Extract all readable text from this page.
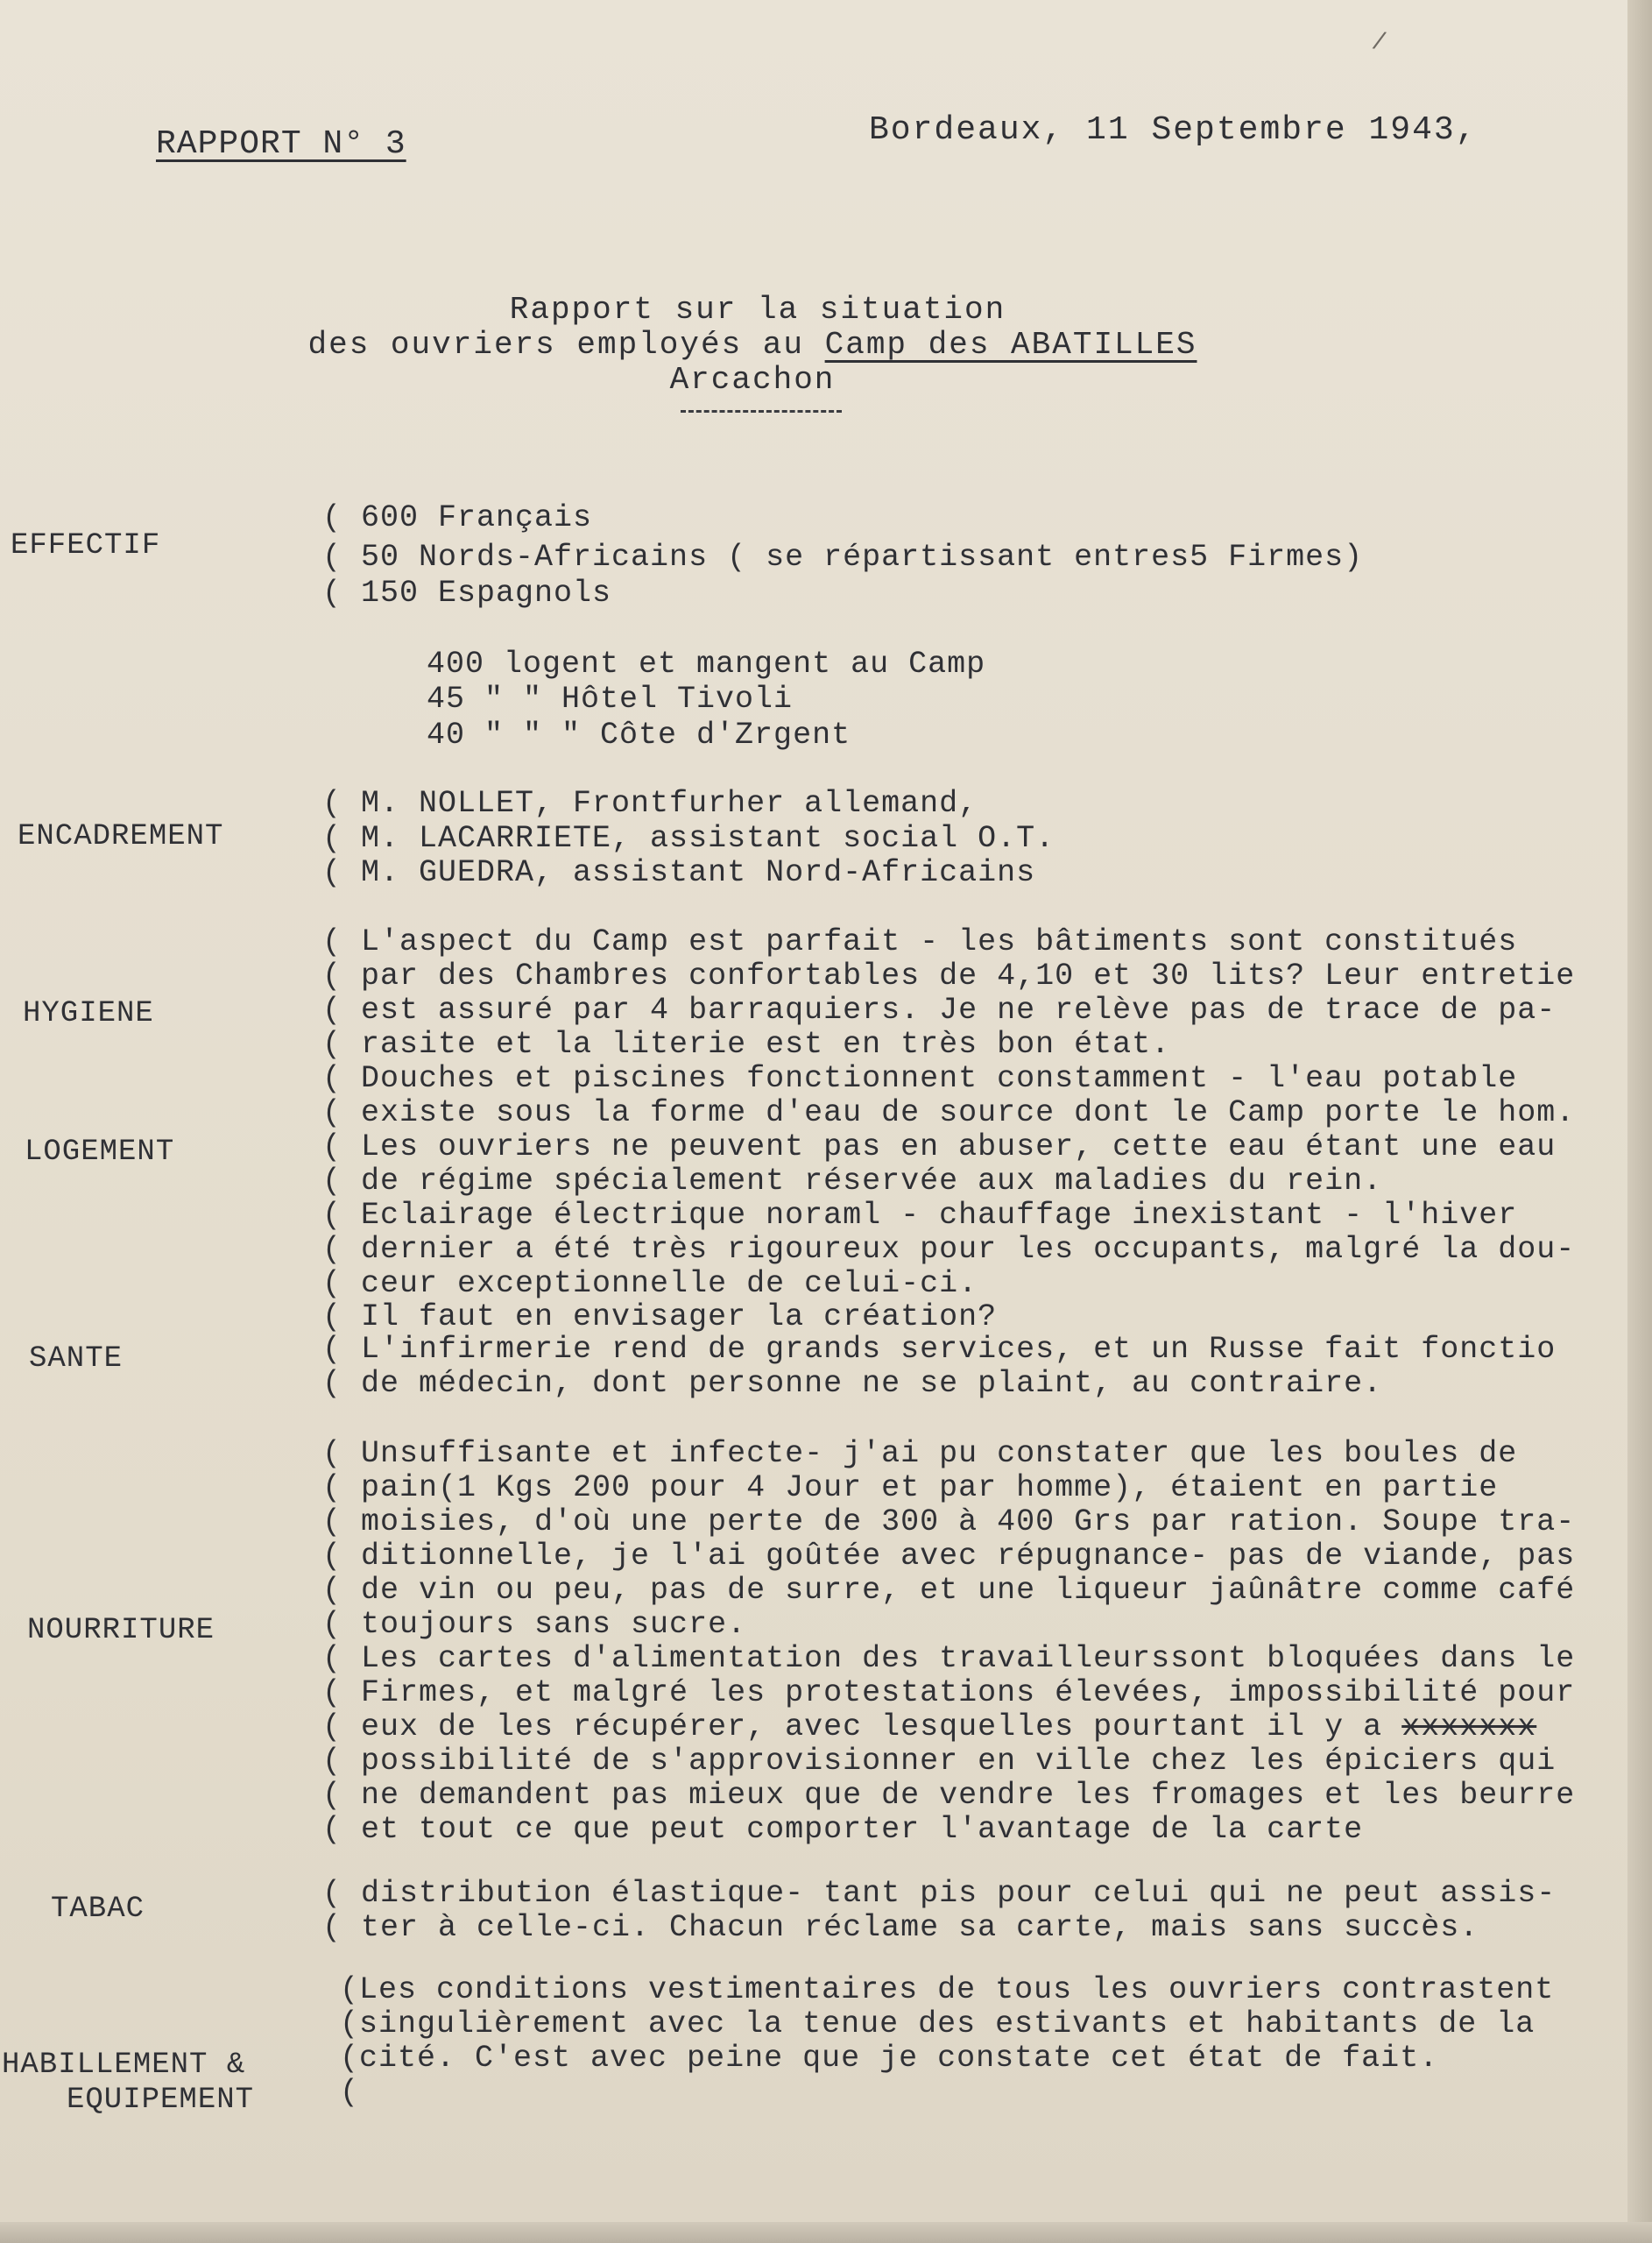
/
RAPPORT N° 3	Bordeaux, 11 Septembre 1943,
Rapport sur la situation
des ouvriers employés au Camp des ABATILLES
Arcachon
EFFECTIF
( 600 Français
( 50 Nords-Africains ( se répartissant entres5 Firmes)
( 150 Espagnols
400 logent et mangent au Camp
45 " " Hôtel Tivoli
40 " " " Côte d'Zrgent
ENCADREMENT
( M. NOLLET, Frontfurher allemand,
( M. LACARRIETE, assistant social O.T.
( M. GUEDRA, assistant Nord-Africains
HYGIENE
( L'aspect du Camp est parfait - les bâtiments sont constitués
( par des Chambres confortables de 4,10 et 30 lits? Leur entretie
( est assuré par 4 barraquiers. Je ne relève pas de trace de pa-
( rasite et la literie est en très bon état.
LOGEMENT
( Douches et piscines fonctionnent constamment - l'eau potable
( existe sous la forme d'eau de source dont le Camp porte le hom.
( Les ouvriers ne peuvent pas en abuser, cette eau étant une eau
( de régime spécialement réservée aux maladies du rein.
( Eclairage électrique noraml - chauffage inexistant - l'hiver
( dernier a été très rigoureux pour les occupants, malgré la dou-
( ceur exceptionnelle de celui-ci.
( Il faut en envisager la création?
SANTE	( L'infirmerie rend de grands services, et un Russe fait fonctio
( de médecin, dont personne ne se plaint, au contraire.
NOURRITURE
( Unsuffisante et infecte- j'ai pu constater que les boules de
( pain(1 Kgs 200 pour 4 Jour et par homme), étaient en partie
( moisies, d'où une perte de 300 à 400 Grs par ration. Soupe tra-
( ditionnelle, je l'ai goûtée avec répugnance- pas de viande, pas
( de vin ou peu, pas de surre, et une liqueur jaûnâtre comme café
( toujours sans sucre.
( Les cartes d'alimentation des travailleurssont bloquées dans le
( Firmes, et malgré les protestations élevées, impossibilité pour
( eux de les récupérer, avec lesquelles pourtant il y a xxxxxxx
( possibilité de s'approvisionner en ville chez les épiciers qui
( ne demandent pas mieux que de vendre les fromages et les beurre
( et tout ce que peut comporter l'avantage de la carte
TABAC	( distribution élastique- tant pis pour celui qui ne peut assis-
( ter à celle-ci. Chacun réclame sa carte, mais sans succès.
HABILLEMENT &
EQUIPEMENT
(Les conditions vestimentaires de tous les ouvriers contrastent
(singulièrement avec la tenue des estivants et habitants de la
(cité. C'est avec peine que je constate cet état de fait.
(
